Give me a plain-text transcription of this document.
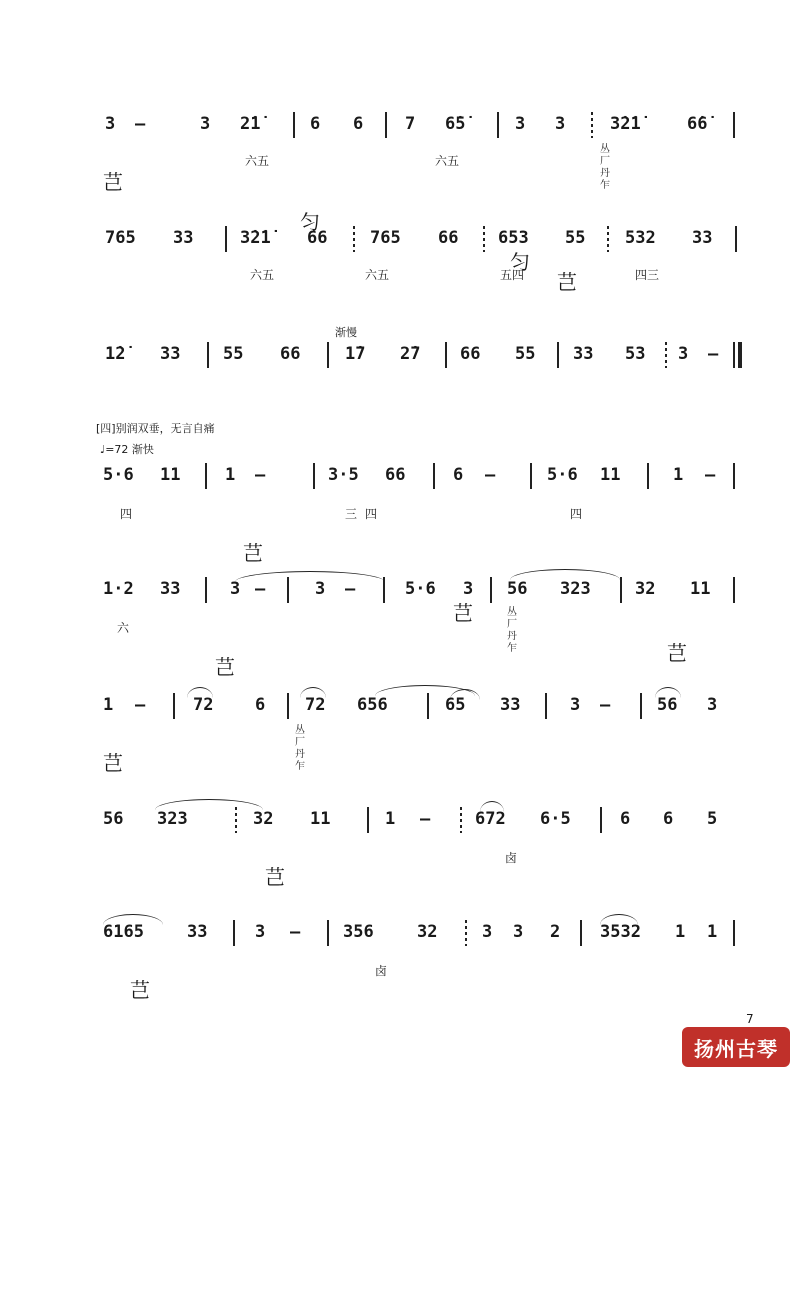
3

—

	3

2̇1̇

	6

6

7

6̇5̇

	3

3

	3̇2̇1̇

	6̇6̇

芑

六五

匀

六五

匀

芑

丛厂丹乍

765

33

	3̇2̇1̇

66

	765

66

653

55

532

33

六五

	六五

	五四

	四三

渐慢

1̇2̇

33

	55

66

	1̇7

2̇7

66

55

33

53

3

—

[四]别润双垂，无言自痛
♩=72 渐快

5·6

11

	1

—

	3·5

66

	6

—

	5·6

11

	1

—

四

芑

三

四

芑

四

芑

1·2

33

	3

—

	3

—

	5·6

3

56

323

	32

11

六

芑

丛厂丹乍

1

—

	72

6

72

656

	65

33

	3

—

	56

3

芑

丛厂丹乍

56

323

	32

11

	1

—

	672

6·5

	6

6

5

芑

卤

6165

	33

	3

—

	356

	32

	3

3

2

3532

1

1

芑

卤

7
扬州古琴
